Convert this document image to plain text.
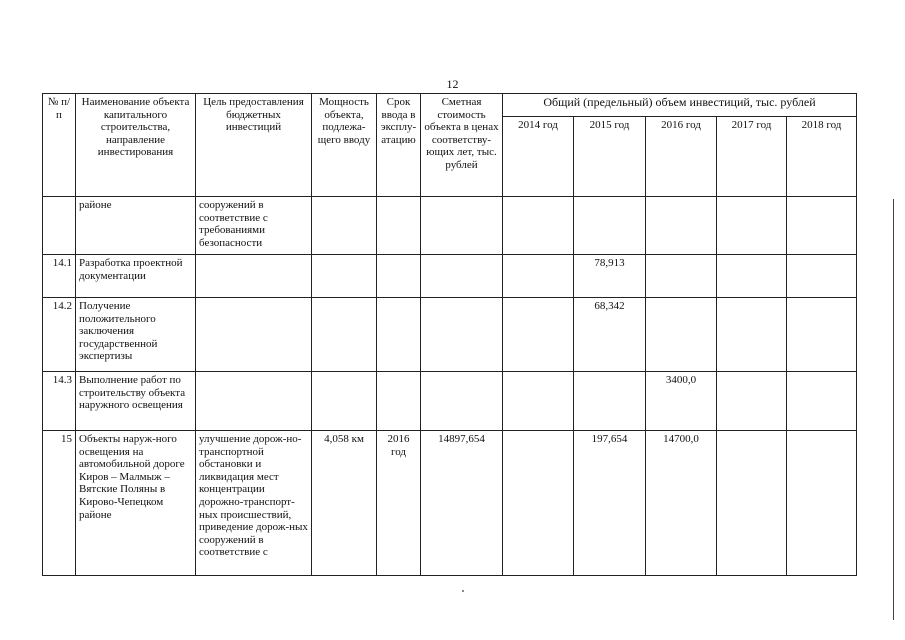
12
№ п/п	Наименование объекта капитального строительства, направление инвестирования	Цель предоставления бюджетных инвестиций	Мощность объекта, подлежа-щего вводу	Срок ввода в эксплу-атацию	Сметная стоимость объекта в ценах соответству-ющих лет, тыс. рублей	Общий (предельный) объем инвестиций, тыс. рублей				
						2014 год	2015 год	2016 год	2017 год	2018 год
	районе	сооружений в соответствие с требованиями безопасности								
14.1	Разработка проектной документации						78,913			
14.2	Получение положительного заключения государственной экспертизы						68,342			
14.3	Выполнение работ по строительству объекта наружного освещения							3400,0		
15	Объекты наруж-ного освещения на автомобильной дороге Киров – Малмыж – Вятские Поляны в Кирово-Чепецком районе	улучшение дорож-но-транспортной обстановки и ликвидация мест концентрации дорожно-транспорт-ных происшествий, приведение дорож-ных сооружений в соответствие с	4,058 км	2016 год	14897,654		197,654	14700,0		
